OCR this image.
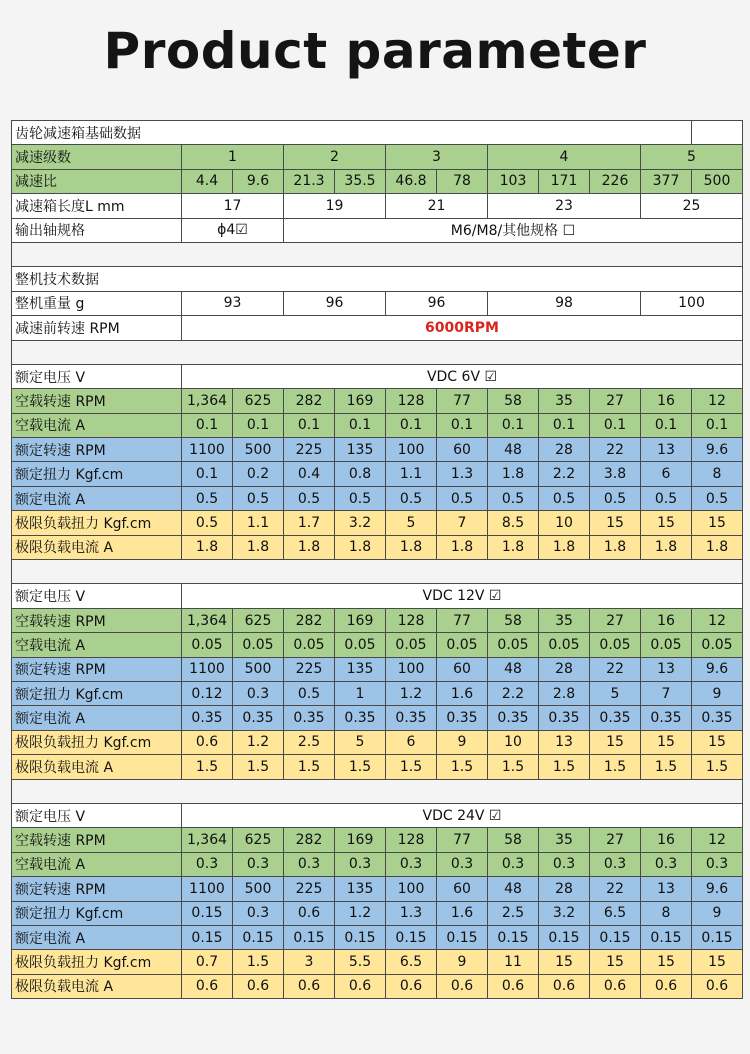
Product parameter
齿轮减速箱基础数据											
减速级数	1		2		3		4			5	
减速比	4.4	9.6	21.3	35.5	46.8	78	103	171	226	377	500
减速箱长度L mm	17		19		21		23			25	
输出轴规格	ϕ4☑		M6/M8/其他规格 ☐								

整机技术数据											
整机重量 g	93		96		96		98			100	
减速前转速 RPM	6000RPM										

额定电压 V	VDC 6V ☑										
空载转速 RPM	1,364	625	282	169	128	77	58	35	27	16	12
空载电流 A	0.1	0.1	0.1	0.1	0.1	0.1	0.1	0.1	0.1	0.1	0.1
额定转速 RPM	1100	500	225	135	100	60	48	28	22	13	9.6
额定扭力 Kgf.cm	0.1	0.2	0.4	0.8	1.1	1.3	1.8	2.2	3.8	6	8
额定电流 A	0.5	0.5	0.5	0.5	0.5	0.5	0.5	0.5	0.5	0.5	0.5
极限负载扭力 Kgf.cm	0.5	1.1	1.7	3.2	5	7	8.5	10	15	15	15
极限负载电流 A	1.8	1.8	1.8	1.8	1.8	1.8	1.8	1.8	1.8	1.8	1.8

额定电压 V	VDC 12V ☑										
空载转速 RPM	1,364	625	282	169	128	77	58	35	27	16	12
空载电流 A	0.05	0.05	0.05	0.05	0.05	0.05	0.05	0.05	0.05	0.05	0.05
额定转速 RPM	1100	500	225	135	100	60	48	28	22	13	9.6
额定扭力 Kgf.cm	0.12	0.3	0.5	1	1.2	1.6	2.2	2.8	5	7	9
额定电流 A	0.35	0.35	0.35	0.35	0.35	0.35	0.35	0.35	0.35	0.35	0.35
极限负载扭力 Kgf.cm	0.6	1.2	2.5	5	6	9	10	13	15	15	15
极限负载电流 A	1.5	1.5	1.5	1.5	1.5	1.5	1.5	1.5	1.5	1.5	1.5

额定电压 V	VDC 24V ☑										
空载转速 RPM	1,364	625	282	169	128	77	58	35	27	16	12
空载电流 A	0.3	0.3	0.3	0.3	0.3	0.3	0.3	0.3	0.3	0.3	0.3
额定转速 RPM	1100	500	225	135	100	60	48	28	22	13	9.6
额定扭力 Kgf.cm	0.15	0.3	0.6	1.2	1.3	1.6	2.5	3.2	6.5	8	9
额定电流 A	0.15	0.15	0.15	0.15	0.15	0.15	0.15	0.15	0.15	0.15	0.15
极限负载扭力 Kgf.cm	0.7	1.5	3	5.5	6.5	9	11	15	15	15	15
极限负载电流 A	0.6	0.6	0.6	0.6	0.6	0.6	0.6	0.6	0.6	0.6	0.6
